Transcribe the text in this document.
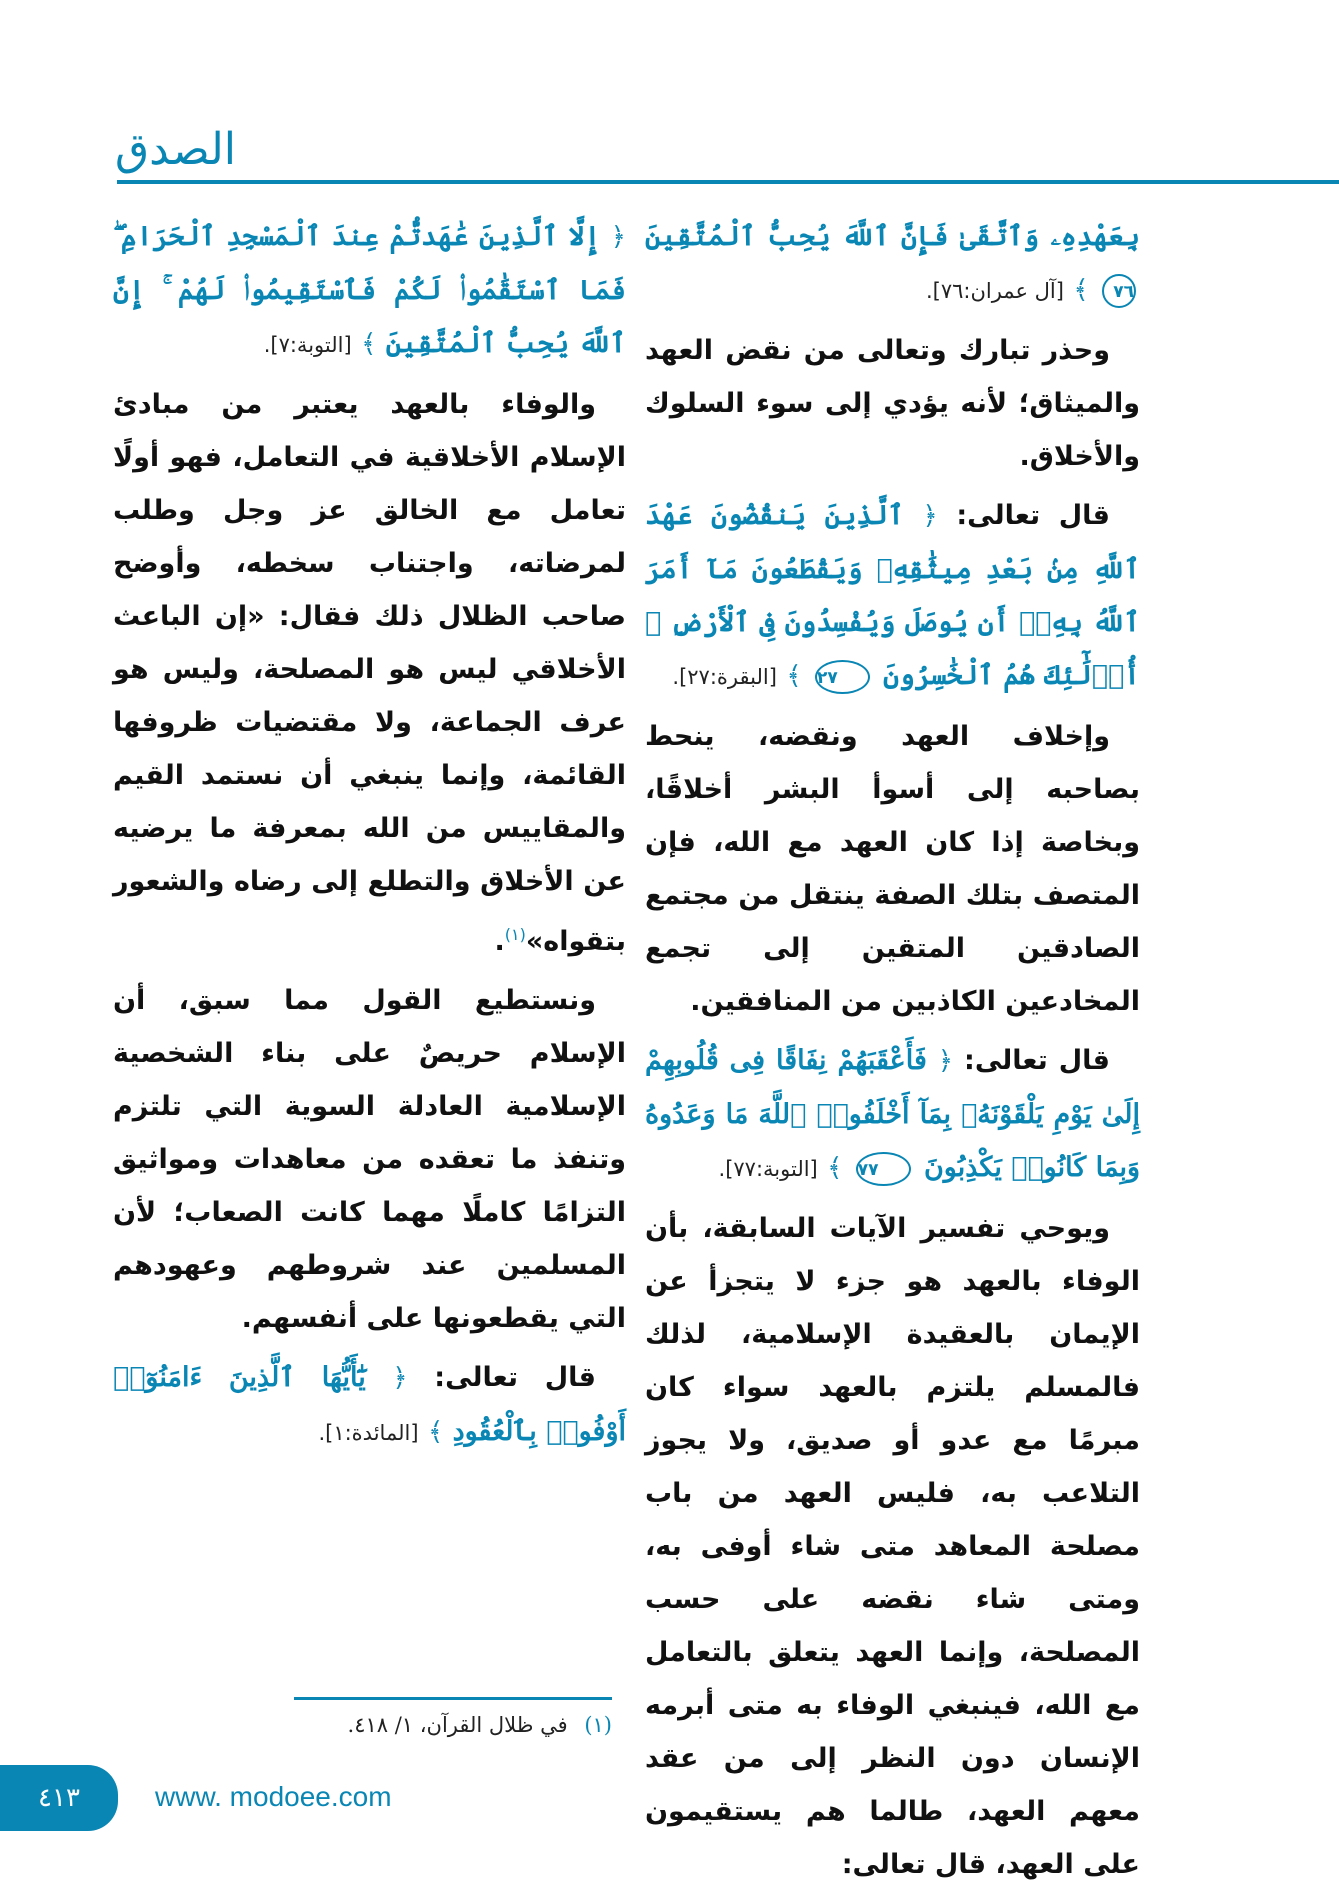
الصدق

بِعَهْدِهِۦ وَٱتَّقَىٰ فَإِنَّ ٱللَّهَ يُحِبُّ ٱلْمُتَّقِينَ ٧٦ ﴾ [آل عمران:٧٦].

وحذر تبارك وتعالى من نقض العهد والميثاق؛ لأنه يؤدي إلى سوء السلوك والأخلاق.

قال تعالى: ﴿ ٱلَّذِينَ يَنقُضُونَ عَهْدَ ٱللَّهِ مِنۢ بَعْدِ مِيثَٰقِهِۦ وَيَقْطَعُونَ مَآ أَمَرَ ٱللَّهُ بِهِۦٓ أَن يُوصَلَ وَيُفْسِدُونَ فِى ٱلْأَرْضِ ۚ أُو۟لَٰٓئِكَ هُمُ ٱلْخَٰسِرُونَ ٢٧ ﴾ [البقرة:٢٧].

وإخلاف العهد ونقضه، ينحط بصاحبه إلى أسوأ البشر أخلاقًا، وبخاصة إذا كان العهد مع الله، فإن المتصف بتلك الصفة ينتقل من مجتمع الصادقين المتقين إلى تجمع المخادعين الكاذبين من المنافقين.

قال تعالى: ﴿ فَأَعْقَبَهُمْ نِفَاقًا فِى قُلُوبِهِمْ إِلَىٰ يَوْمِ يَلْقَوْنَهُۥ بِمَآ أَخْلَفُوا۟ ٱللَّهَ مَا وَعَدُوهُ وَبِمَا كَانُوا۟ يَكْذِبُونَ ٧٧ ﴾ [التوبة:٧٧].

ويوحي تفسير الآيات السابقة، بأن الوفاء بالعهد هو جزء لا يتجزأ عن الإيمان بالعقيدة الإسلامية، لذلك فالمسلم يلتزم بالعهد سواء كان مبرمًا مع عدو أو صديق، ولا يجوز التلاعب به، فليس العهد من باب مصلحة المعاهد متى شاء أوفى به، ومتى شاء نقضه على حسب المصلحة، وإنما العهد يتعلق بالتعامل مع الله، فينبغي الوفاء به متى أبرمه الإنسان دون النظر إلى من عقد معهم العهد، طالما هم يستقيمون على العهد، قال تعالى:

﴿ إِلَّا ٱلَّذِينَ عَٰهَدتُّمْ عِندَ ٱلْمَسْجِدِ ٱلْحَرَامِ ۖ فَمَا ٱسْتَقَٰمُوا۟ لَكُمْ فَٱسْتَقِيمُوا۟ لَهُمْ ۚ إِنَّ ٱللَّهَ يُحِبُّ ٱلْمُتَّقِينَ ﴾ [التوبة:٧].

والوفاء بالعهد يعتبر من مبادئ الإسلام الأخلاقية في التعامل، فهو أولًا تعامل مع الخالق عز وجل وطلب لمرضاته، واجتناب سخطه، وأوضح صاحب الظلال ذلك فقال: «إن الباعث الأخلاقي ليس هو المصلحة، وليس هو عرف الجماعة، ولا مقتضيات ظروفها القائمة، وإنما ينبغي أن نستمد القيم والمقاييس من الله بمعرفة ما يرضيه عن الأخلاق والتطلع إلى رضاه والشعور بتقواه»$^{(١)}$.

ونستطيع القول مما سبق، أن الإسلام حريصٌ على بناء الشخصية الإسلامية العادلة السوية التي تلتزم وتنفذ ما تعقده من معاهدات ومواثيق التزامًا كاملًا مهما كانت الصعاب؛ لأن المسلمين عند شروطهم وعهودهم التي يقطعونها على أنفسهم.

قال تعالى: ﴿ يَٰٓأَيُّهَا ٱلَّذِينَ ءَامَنُوٓا۟ أَوْفُوا۟ بِٱلْعُقُودِ ﴾ [المائدة:١].

(١) في ظلال القرآن، ١/ ٤١٨.
٤١٣	www. modoee.com
